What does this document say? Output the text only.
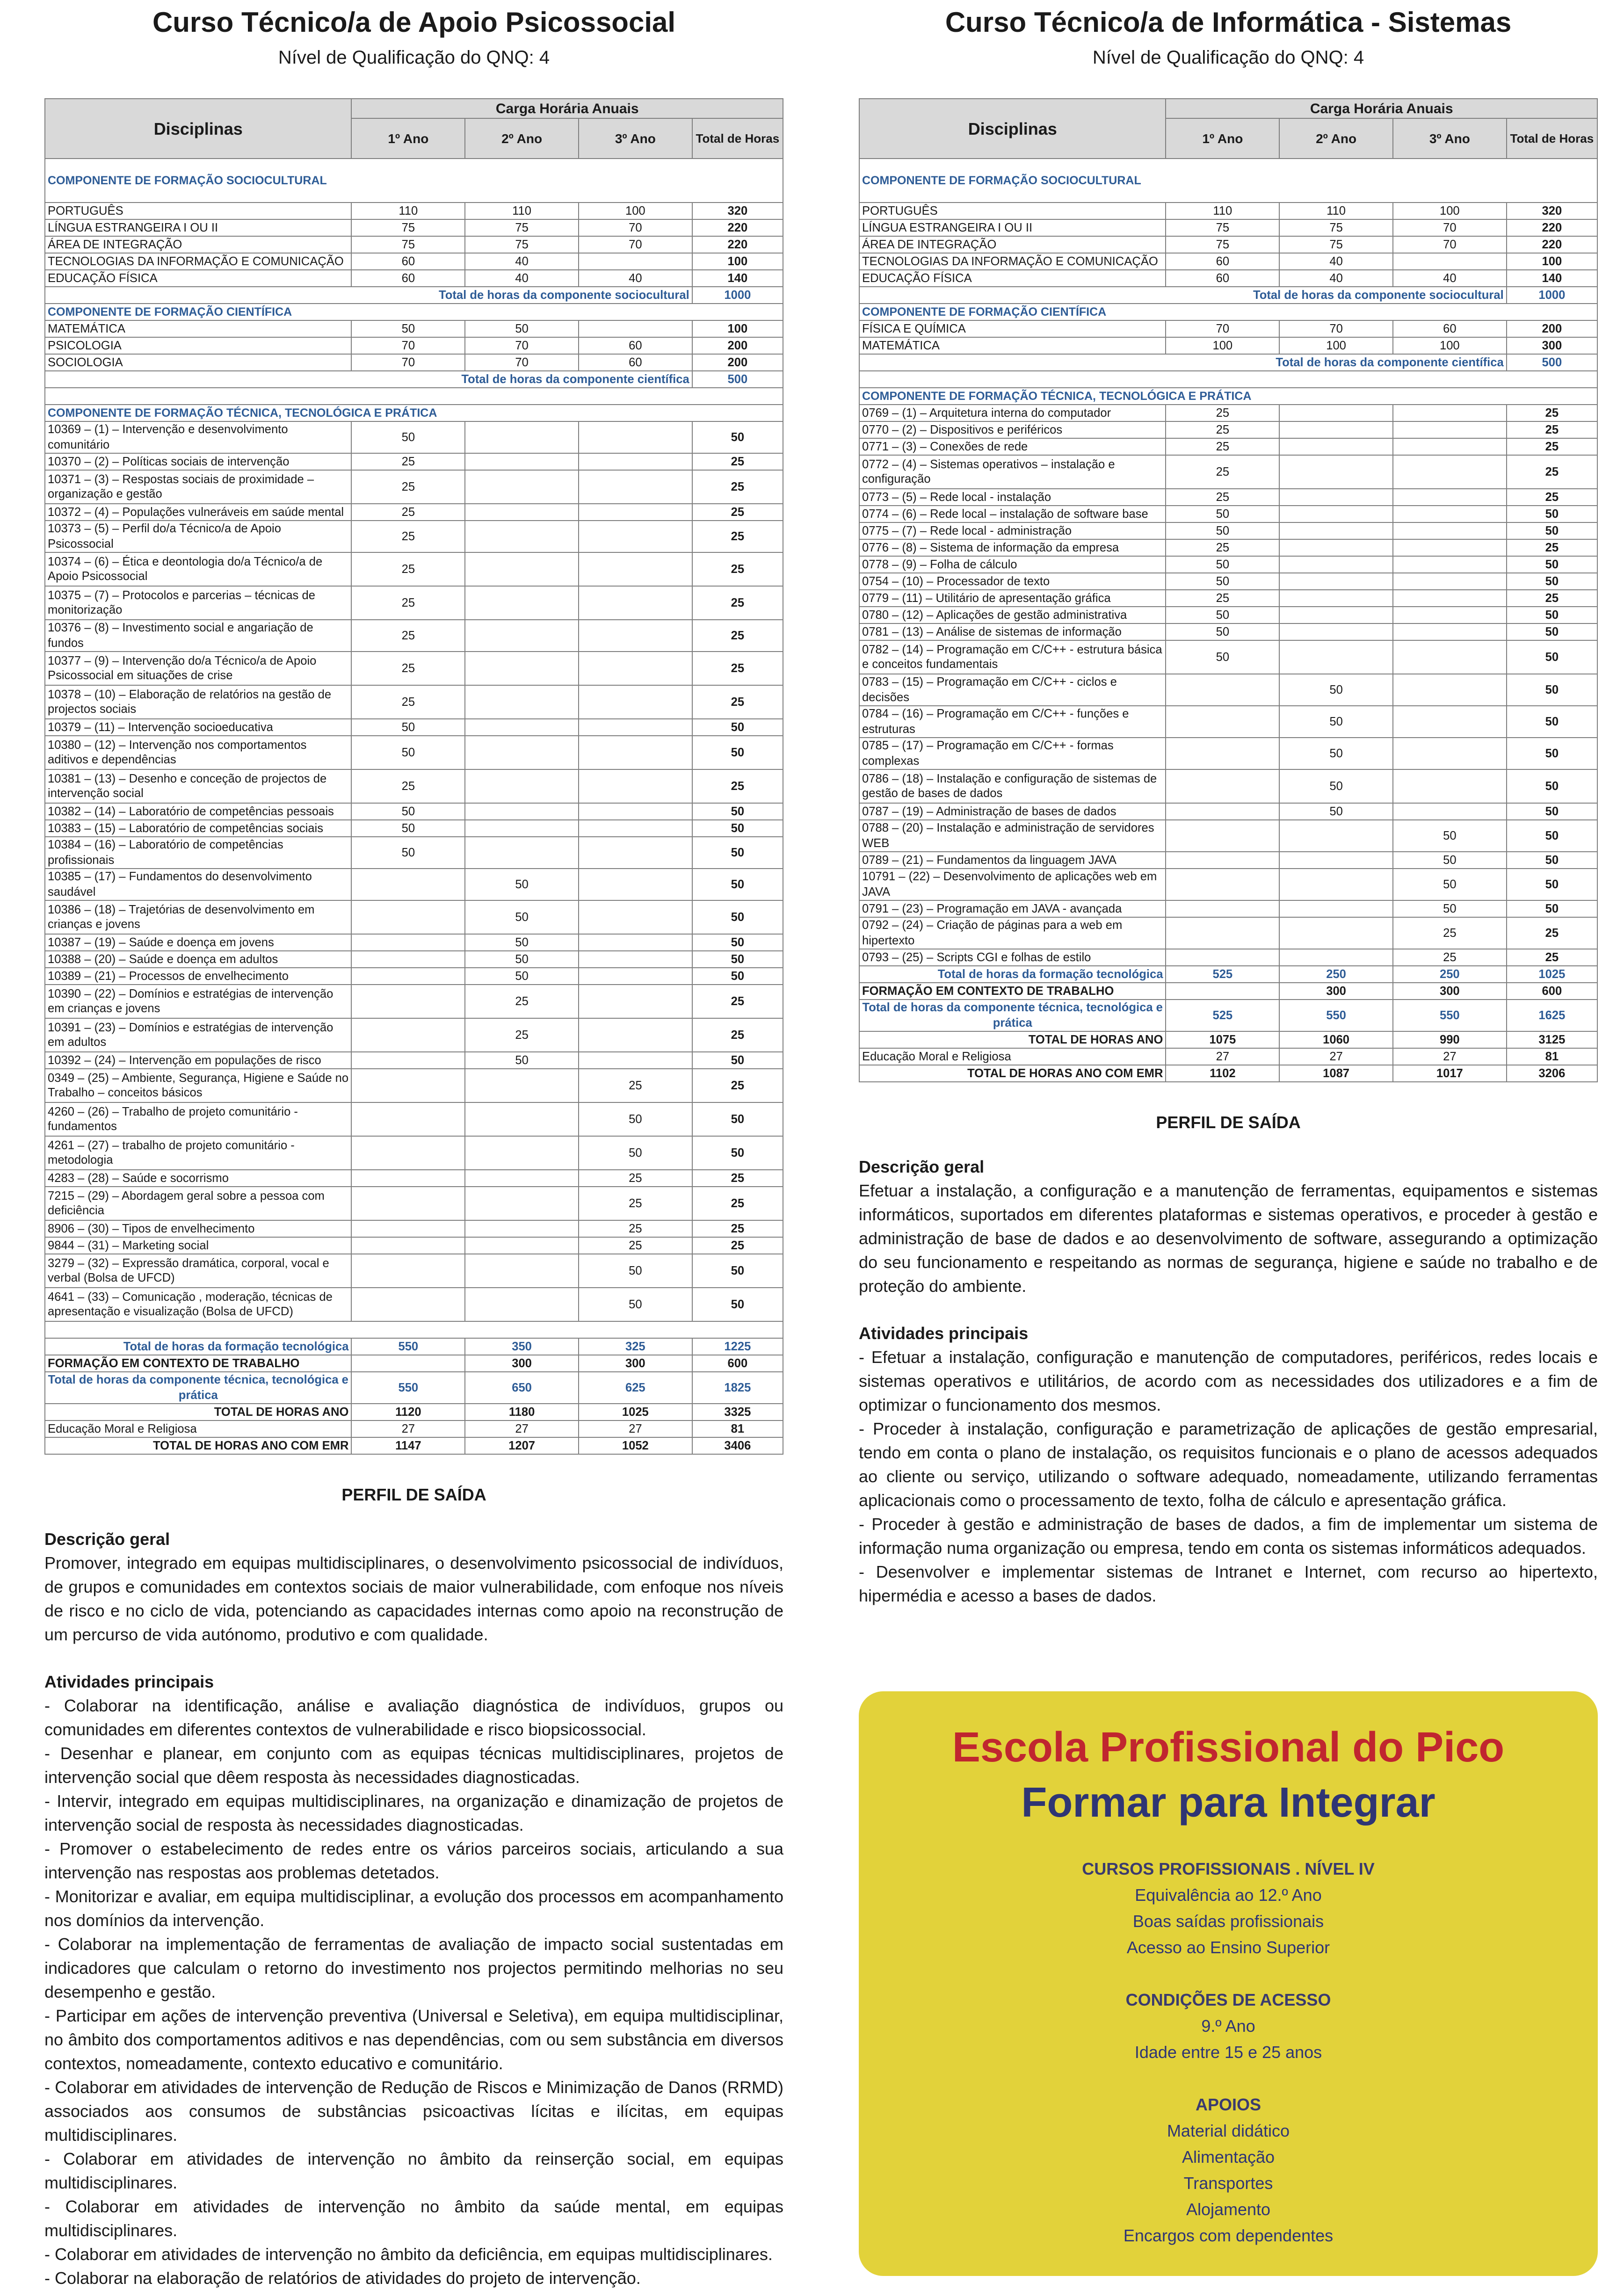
Curso Técnico/a de Apoio Psicossocial
Nível de Qualificação do QNQ: 4
Disciplinas	Carga Horária Anuais			
	1º Ano	2º Ano	3º Ano	Total de Horas
COMPONENTE DE FORMAÇÃO SOCIOCULTURAL				
PORTUGUÊS	110	110	100	320
LÍNGUA ESTRANGEIRA I OU II	75	75	70	220
ÁREA DE INTEGRAÇÃO	75	75	70	220
TECNOLOGIAS DA INFORMAÇÃO E COMUNICAÇÃO	60	40		100
EDUCAÇÃO FÍSICA	60	40	40	140
Total de horas da componente sociocultural				1000
COMPONENTE DE FORMAÇÃO CIENTÍFICA				
MATEMÁTICA	50	50		100
PSICOLOGIA	70	70	60	200
SOCIOLOGIA	70	70	60	200
Total de horas da componente científica				500

COMPONENTE DE FORMAÇÃO TÉCNICA, TECNOLÓGICA E PRÁTICA				
10369 – (1) – Intervenção e desenvolvimento comunitário	50			50
10370 – (2) – Políticas sociais de intervenção	25			25
10371 – (3) – Respostas sociais de proximidade – organização e gestão	25			25
10372 – (4) – Populações vulneráveis em saúde mental	25			25
10373 – (5) – Perfil do/a Técnico/a de Apoio Psicossocial	25			25
10374 – (6) – Ética e deontologia do/a Técnico/a de Apoio Psicossocial	25			25
10375 – (7) – Protocolos e parcerias – técnicas de monitorização	25			25
10376 – (8) – Investimento social e angariação de fundos	25			25
10377 – (9) – Intervenção do/a Técnico/a de Apoio Psicossocial em situações de crise	25			25
10378 – (10) – Elaboração de relatórios na gestão de projectos sociais	25			25
10379 – (11) – Intervenção socioeducativa	50			50
10380 – (12) – Intervenção nos comportamentos aditivos e dependências	50			50
10381 – (13) – Desenho e conceção de projectos de intervenção social	25			25
10382 – (14) – Laboratório de competências pessoais	50			50
10383 – (15) – Laboratório de competências sociais	50			50
10384 – (16) – Laboratório de competências profissionais	50			50
10385 – (17) – Fundamentos do desenvolvimento saudável		50		50
10386 – (18) – Trajetórias de desenvolvimento em crianças e jovens		50		50
10387 – (19) – Saúde e doença em jovens		50		50
10388 – (20) – Saúde e doença em adultos		50		50
10389 – (21) – Processos de envelhecimento		50		50
10390 – (22) – Domínios e estratégias de intervenção em crianças e jovens		25		25
10391 – (23) – Domínios e estratégias de intervenção em adultos		25		25
10392 – (24) – Intervenção em populações de risco		50		50
0349 – (25) – Ambiente, Segurança, Higiene e Saúde no Trabalho – conceitos básicos			25	25
4260 – (26) – Trabalho de projeto comunitário - fundamentos			50	50
4261 – (27) – trabalho de projeto comunitário - metodologia			50	50
4283 – (28) – Saúde e socorrismo			25	25
7215 – (29) – Abordagem geral sobre a pessoa com deficiência			25	25
8906 – (30) – Tipos de envelhecimento			25	25
9844 – (31) – Marketing social			25	25
3279 – (32) – Expressão dramática, corporal, vocal e verbal (Bolsa de UFCD)			50	50
4641 – (33) – Comunicação , moderação, técnicas de apresentação e visualização (Bolsa de UFCD)			50	50

Total de horas da formação tecnológica	550	350	325	1225
FORMAÇÃO EM CONTEXTO DE TRABALHO		300	300	600
Total de horas da componente técnica, tecnológica e prática	550	650	625	1825
TOTAL DE HORAS ANO	1120	1180	1025	3325
Educação Moral e Religiosa	27	27	27	81
TOTAL DE HORAS ANO COM EMR	1147	1207	1052	3406
PERFIL DE SAÍDA

Descrição geral

Promover, integrado em equipas multidisciplinares, o desenvolvimento psicossocial de indivíduos, de grupos e comunidades em contextos sociais de maior vulnerabilidade, com enfoque nos níveis de risco e no ciclo de vida, potenciando as capacidades internas como apoio na reconstrução de um percurso de vida autónomo, produtivo e com qualidade.

Atividades principais

- Colaborar na identificação, análise e avaliação diagnóstica de indivíduos, grupos ou comunidades em diferentes contextos de vulnerabilidade e risco biopsicossocial.

- Desenhar e planear, em conjunto com as equipas técnicas multidisciplinares, projetos de intervenção social que dêem resposta às necessidades diagnosticadas.

- Intervir, integrado em equipas multidisciplinares, na organização e dinamização de projetos de intervenção social de resposta às necessidades diagnosticadas.

- Promover o estabelecimento de redes entre os vários parceiros sociais, articulando a sua intervenção nas respostas aos problemas detetados.

- Monitorizar e avaliar, em equipa multidisciplinar, a evolução dos processos em acompanhamento nos domínios da intervenção.

- Colaborar na implementação de ferramentas de avaliação de impacto social sustentadas em indicadores que calculam o retorno do investimento nos projectos permitindo melhorias no seu desempenho e gestão.

- Participar em ações de intervenção preventiva (Universal e Seletiva), em equipa multidisciplinar, no âmbito dos comportamentos aditivos e nas dependências, com ou sem substância em diversos contextos, nomeadamente, contexto educativo e comunitário.

- Colaborar em atividades de intervenção de Redução de Riscos e Minimização de Danos (RRMD) associados aos consumos de substâncias psicoactivas lícitas e ilícitas, em equipas multidisciplinares.

- Colaborar em atividades de intervenção no âmbito da reinserção social, em equipas multidisciplinares.

- Colaborar em atividades de intervenção no âmbito da saúde mental, em equipas multidisciplinares.

- Colaborar em atividades de intervenção no âmbito da deficiência, em equipas multidisciplinares.

- Colaborar na elaboração de relatórios de atividades do projeto de intervenção.

Curso Técnico/a de Informática - Sistemas
Nível de Qualificação do QNQ: 4
Disciplinas	Carga Horária Anuais			
	1º Ano	2º Ano	3º Ano	Total de Horas
COMPONENTE DE FORMAÇÃO SOCIOCULTURAL				
PORTUGUÊS	110	110	100	320
LÍNGUA ESTRANGEIRA I OU II	75	75	70	220
ÁREA DE INTEGRAÇÃO	75	75	70	220
TECNOLOGIAS DA INFORMAÇÃO E COMUNICAÇÃO	60	40		100
EDUCAÇÃO FÍSICA	60	40	40	140
Total de horas da componente sociocultural				1000
COMPONENTE DE FORMAÇÃO CIENTÍFICA				
FÍSICA E QUÍMICA	70	70	60	200
MATEMÁTICA	100	100	100	300
Total de horas da componente científica				500

COMPONENTE DE FORMAÇÃO TÉCNICA, TECNOLÓGICA E PRÁTICA				
0769 – (1) – Arquitetura interna do computador	25			25
0770 – (2) – Dispositivos e periféricos	25			25
0771 – (3) – Conexões de rede	25			25
0772 – (4) – Sistemas operativos – instalação e configuração	25			25
0773 – (5) – Rede local - instalação	25			25
0774 – (6) – Rede local – instalação de software base	50			50
0775 – (7) – Rede local - administração	50			50
0776 – (8) – Sistema de informação da empresa	25			25
0778 – (9) – Folha de cálculo	50			50
0754 – (10) – Processador de texto	50			50
0779 – (11) – Utilitário de apresentação gráfica	25			25
0780 – (12) – Aplicações de gestão administrativa	50			50
0781 – (13) – Análise de sistemas de informação	50			50
0782 – (14) – Programação em C/C++ - estrutura básica e conceitos fundamentais	50			50
0783 – (15) – Programação em C/C++ - ciclos e decisões		50		50
0784 – (16) – Programação em C/C++ - funções e estruturas		50		50
0785 – (17) – Programação em C/C++ - formas complexas		50		50
0786 – (18) – Instalação e configuração de sistemas de gestão de bases de dados		50		50
0787 – (19) – Administração de bases de dados		50		50
0788 – (20) – Instalação e administração de servidores WEB			50	50
0789 – (21) – Fundamentos da linguagem JAVA			50	50
10791 – (22) – Desenvolvimento de aplicações web em JAVA			50	50
0791 – (23) – Programação em JAVA - avançada			50	50
0792 – (24) – Criação de páginas para a web em hipertexto			25	25
0793 – (25) – Scripts CGI e folhas de estilo			25	25
Total de horas da formação tecnológica	525	250	250	1025
FORMAÇÃO EM CONTEXTO DE TRABALHO		300	300	600
Total de horas da componente técnica, tecnológica e prática	525	550	550	1625
TOTAL DE HORAS ANO	1075	1060	990	3125
Educação Moral e Religiosa	27	27	27	81
TOTAL DE HORAS ANO COM EMR	1102	1087	1017	3206
PERFIL DE SAÍDA

Descrição geral

Efetuar a instalação, a configuração e a manutenção de ferramentas, equipamentos e sistemas informáticos, suportados em diferentes plataformas e sistemas operativos, e proceder à gestão e administração de base de dados e ao desenvolvimento de software, assegurando a optimização do seu funcionamento e respeitando as normas de segurança, higiene e saúde no trabalho e de proteção do ambiente.

Atividades principais

- Efetuar a instalação, configuração e manutenção de computadores, periféricos, redes locais e sistemas operativos e utilitários, de acordo com as necessidades dos utilizadores e a fim de optimizar o funcionamento dos mesmos.

- Proceder à instalação, configuração e parametrização de aplicações de gestão empresarial, tendo em conta o plano de instalação, os requisitos funcionais e o plano de acessos adequados ao cliente ou serviço, utilizando o software adequado, nomeadamente, utilizando ferramentas aplicacionais como o processamento de texto, folha de cálculo e apresentação gráfica.

- Proceder à gestão e administração de bases de dados, a fim de implementar um sistema de informação numa organização ou empresa, tendo em conta os sistemas informáticos adequados.

- Desenvolver e implementar sistemas de Intranet e Internet, com recurso ao hipertexto, hipermédia e acesso a bases de dados.

Escola Profissional do Pico
Formar para Integrar
CURSOS PROFISSIONAIS . NÍVEL IV
Equivalência ao 12.º Ano
Boas saídas profissionais
Acesso ao Ensino Superior
CONDIÇÕES DE ACESSO
9.º Ano
Idade entre 15 e 25 anos
APOIOS
Material didático
Alimentação
Transportes
Alojamento
Encargos com dependentes
